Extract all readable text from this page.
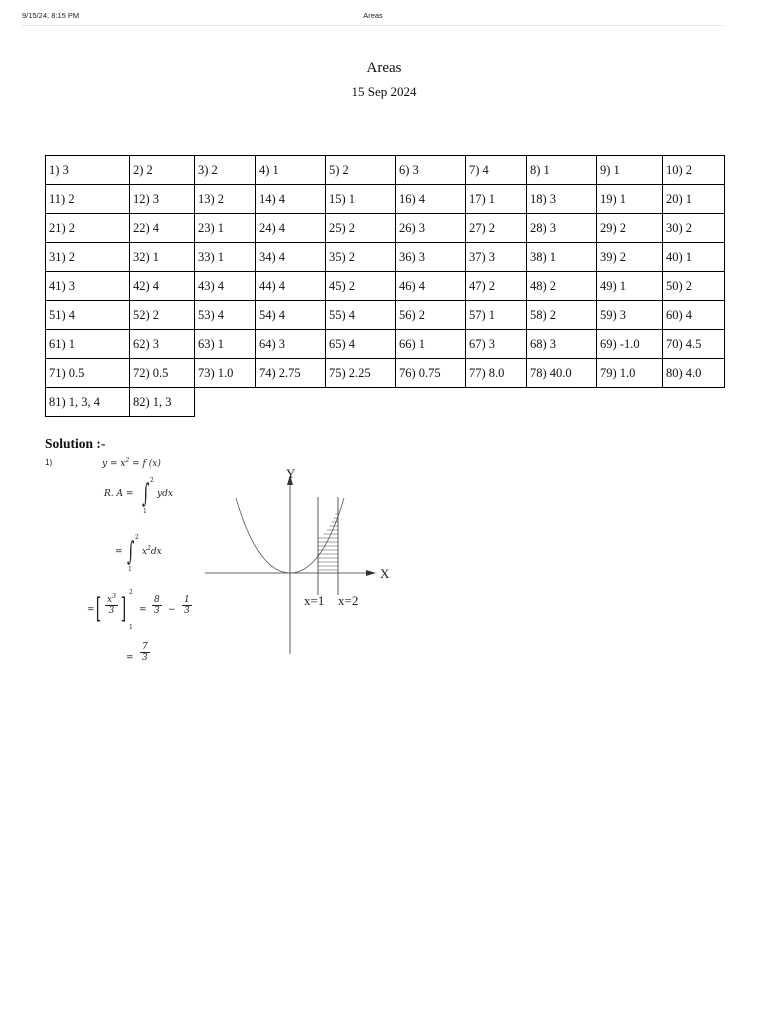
9/15/24, 8:15 PM	Areas
Areas
15 Sep 2024
1) 3	2) 2	3) 2	4) 1	5) 2	6) 3	7) 4	8) 1	9) 1	10) 2
11) 2	12) 3	13) 2	14) 4	15) 1	16) 4	17) 1	18) 3	19) 1	20) 1
21) 2	22) 4	23) 1	24) 4	25) 2	26) 3	27) 2	28) 3	29) 2	30) 2
31) 2	32) 1	33) 1	34) 4	35) 2	36) 3	37) 3	38) 1	39) 2	40) 1
41) 3	42) 4	43) 4	44) 4	45) 2	46) 4	47) 2	48) 2	49) 1	50) 2
51) 4	52) 2	53) 4	54) 4	55) 4	56) 2	57) 1	58) 2	59) 3	60) 4
61) 1	62) 3	63) 1	64) 3	65) 4	66) 1	67) 3	68) 3	69) -1.0	70) 4.5
71) 0.5	72) 0.5	73) 1.0	74) 2.75	75) 2.25	76) 0.75	77) 8.0	78) 40.0	79) 1.0	80) 4.0
81) 1, 3, 4	82) 1, 3								
Solution :-
1)	$y = x^2 = f$ (x)
R. A =
2
∫
1
ydx
=
2
∫
1
$x^2dx$
= [ $\frac{x^3}{3}$ ] 2
1
= $\frac{8}{3} - \frac{1}{3}$
= $\frac{7}{3}$
Y
X
x=1 x=2
